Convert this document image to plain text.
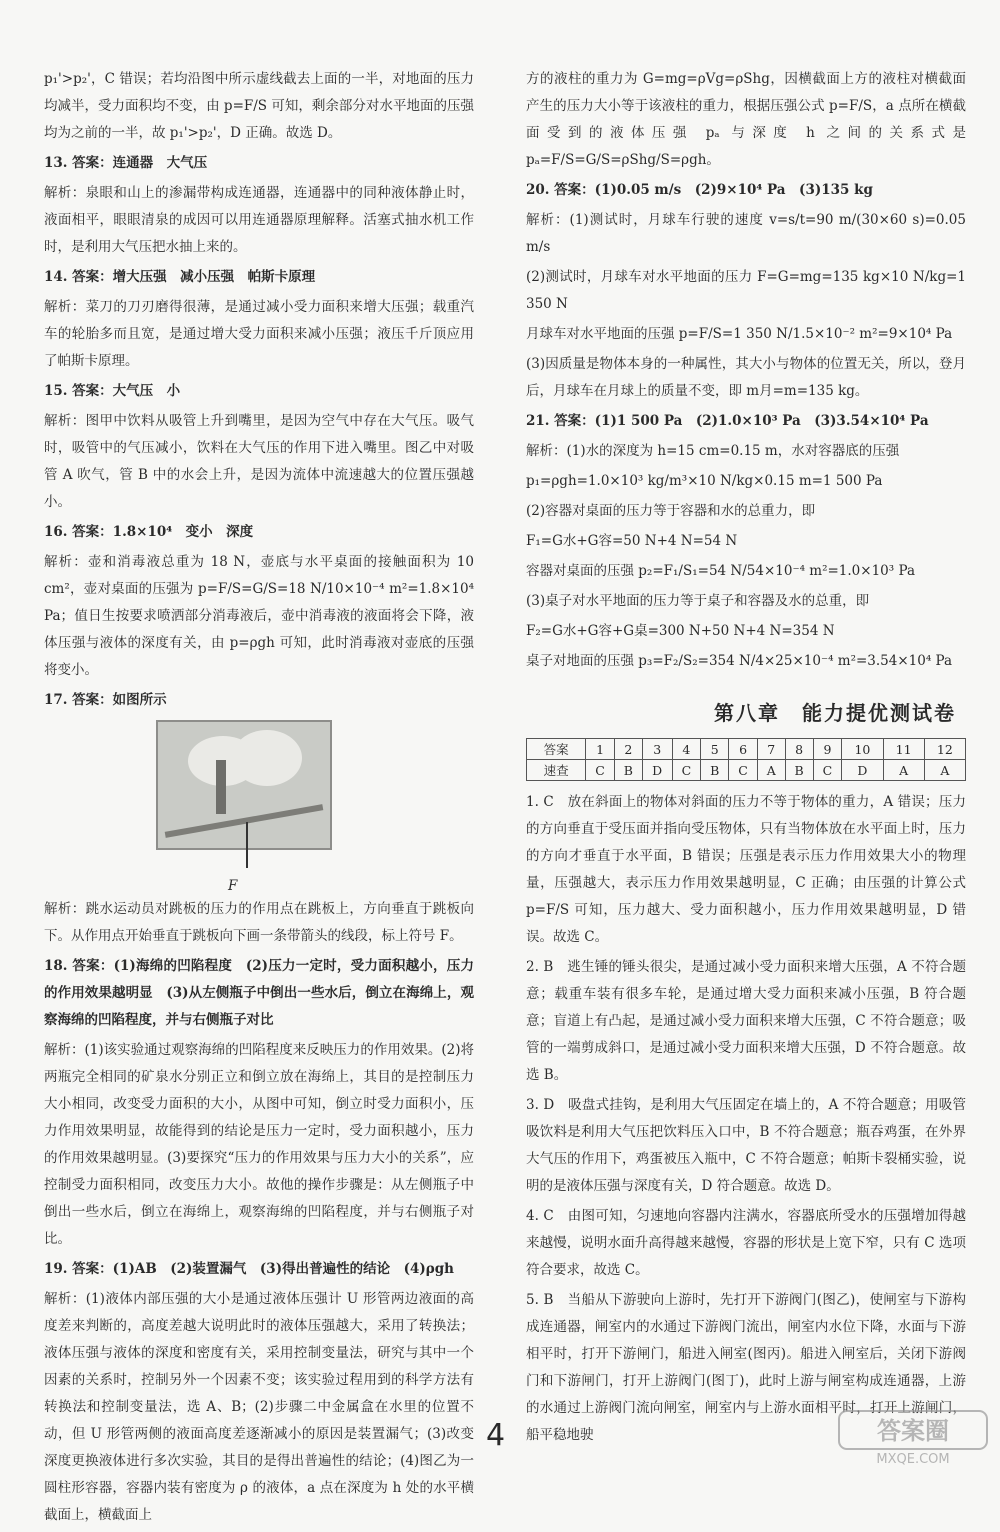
p₁'>p₂'，C 错误；若均沿图中所示虚线截去上面的一半，对地面的压力均减半，受力面积均不变，由 p=F/S 可知，剩余部分对水平地面的压强均为之前的一半，故 p₁'>p₂'，D 正确。故选 D。

13. 答案：连通器　大气压

解析：泉眼和山上的渗漏带构成连通器，连通器中的同种液体静止时，液面相平，眼眼清泉的成因可以用连通器原理解释。活塞式抽水机工作时，是利用大气压把水抽上来的。

14. 答案：增大压强　减小压强　帕斯卡原理

解析：菜刀的刀刃磨得很薄，是通过减小受力面积来增大压强；载重汽车的轮胎多而且宽，是通过增大受力面积来减小压强；液压千斤顶应用了帕斯卡原理。

15. 答案：大气压　小

解析：图甲中饮料从吸管上升到嘴里，是因为空气中存在大气压。吸气时，吸管中的气压减小，饮料在大气压的作用下进入嘴里。图乙中对吸管 A 吹气，管 B 中的水会上升，是因为流体中流速越大的位置压强越小。

16. 答案：1.8×10⁴　变小　深度

解析：壶和消毒液总重为 18 N，壶底与水平桌面的接触面积为 10 cm²，壶对桌面的压强为 p=F/S=G/S=18 N/10×10⁻⁴ m²=1.8×10⁴ Pa；值日生按要求喷洒部分消毒液后，壶中消毒液的液面将会下降，液体压强与液体的深度有关，由 p=ρgh 可知，此时消毒液对壶底的压强将变小。

17. 答案：如图所示

F

解析：跳水运动员对跳板的压力的作用点在跳板上，方向垂直于跳板向下。从作用点开始垂直于跳板向下画一条带箭头的线段，标上符号 F。

18. 答案：(1)海绵的凹陷程度　(2)压力一定时，受力面积越小，压力的作用效果越明显　(3)从左侧瓶子中倒出一些水后，倒立在海绵上，观察海绵的凹陷程度，并与右侧瓶子对比

解析：(1)该实验通过观察海绵的凹陷程度来反映压力的作用效果。(2)将两瓶完全相同的矿泉水分别正立和倒立放在海绵上，其目的是控制压力大小相同，改变受力面积的大小，从图中可知，倒立时受力面积小，压力作用效果明显，故能得到的结论是压力一定时，受力面积越小，压力的作用效果越明显。(3)要探究“压力的作用效果与压力大小的关系”，应控制受力面积相同，改变压力大小。故他的操作步骤是：从左侧瓶子中倒出一些水后，倒立在海绵上，观察海绵的凹陷程度，并与右侧瓶子对比。

19. 答案：(1)AB　(2)装置漏气　(3)得出普遍性的结论　(4)ρgh

解析：(1)液体内部压强的大小是通过液体压强计 U 形管两边液面的高度差来判断的，高度差越大说明此时的液体压强越大，采用了转换法；液体压强与液体的深度和密度有关，采用控制变量法，研究与其中一个因素的关系时，控制另外一个因素不变；该实验过程用到的科学方法有转换法和控制变量法，选 A、B；(2)步骤二中金属盒在水里的位置不动，但 U 形管两侧的液面高度差逐渐减小的原因是装置漏气；(3)改变深度更换液体进行多次实验，其目的是得出普遍性的结论；(4)图乙为一圆柱形容器，容器内装有密度为 ρ 的液体，a 点在深度为 h 处的水平横截面上，横截面上

方的液柱的重力为 G=mg=ρVg=ρShg，因横截面上方的液柱对横截面产生的压力大小等于该液柱的重力，根据压强公式 p=F/S，a 点所在横截面受到的液体压强 pₐ 与深度 h 之间的关系式是 pₐ=F/S=G/S=ρShg/S=ρgh。

20. 答案：(1)0.05 m/s　(2)9×10⁴ Pa　(3)135 kg

解析：(1)测试时，月球车行驶的速度 v=s/t=90 m/(30×60 s)=0.05 m/s

(2)测试时，月球车对水平地面的压力 F=G=mg=135 kg×10 N/kg=1 350 N

月球车对水平地面的压强 p=F/S=1 350 N/1.5×10⁻² m²=9×10⁴ Pa

(3)因质量是物体本身的一种属性，其大小与物体的位置无关，所以，登月后，月球车在月球上的质量不变，即 m月=m=135 kg。

21. 答案：(1)1 500 Pa　(2)1.0×10³ Pa　(3)3.54×10⁴ Pa

解析：(1)水的深度为 h=15 cm=0.15 m，水对容器底的压强

p₁=ρgh=1.0×10³ kg/m³×10 N/kg×0.15 m=1 500 Pa

(2)容器对桌面的压力等于容器和水的总重力，即

F₁=G水+G容=50 N+4 N=54 N

容器对桌面的压强 p₂=F₁/S₁=54 N/54×10⁻⁴ m²=1.0×10³ Pa

(3)桌子对水平地面的压力等于桌子和容器及水的总重，即

F₂=G水+G容+G桌=300 N+50 N+4 N=354 N

桌子对地面的压强 p₃=F₂/S₂=354 N/4×25×10⁻⁴ m²=3.54×10⁴ Pa

第八章　能力提优测试卷
答案	1	2	3	4	5	6	7	8	9	10	11	12
速查	C	B	D	C	B	C	A	B	C	D	A	A

1. C　放在斜面上的物体对斜面的压力不等于物体的重力，A 错误；压力的方向垂直于受压面并指向受压物体，只有当物体放在水平面上时，压力的方向才垂直于水平面，B 错误；压强是表示压力作用效果大小的物理量，压强越大，表示压力作用效果越明显，C 正确；由压强的计算公式 p=F/S 可知，压力越大、受力面积越小，压力作用效果越明显，D 错误。故选 C。

2. B　逃生锤的锤头很尖，是通过减小受力面积来增大压强，A 不符合题意；载重车装有很多车轮，是通过增大受力面积来减小压强，B 符合题意；盲道上有凸起，是通过减小受力面积来增大压强，C 不符合题意；吸管的一端剪成斜口，是通过减小受力面积来增大压强，D 不符合题意。故选 B。

3. D　吸盘式挂钩，是利用大气压固定在墙上的，A 不符合题意；用吸管吸饮料是利用大气压把饮料压入口中，B 不符合题意；瓶吞鸡蛋，在外界大气压的作用下，鸡蛋被压入瓶中，C 不符合题意；帕斯卡裂桶实验，说明的是液体压强与深度有关，D 符合题意。故选 D。

4. C　由图可知，匀速地向容器内注满水，容器底所受水的压强增加得越来越慢，说明水面升高得越来越慢，容器的形状是上宽下窄，只有 C 选项符合要求，故选 C。

5. B　当船从下游驶向上游时，先打开下游阀门(图乙)，使闸室与下游构成连通器，闸室内的水通过下游阀门流出，闸室内水位下降，水面与下游相平时，打开下游闸门，船进入闸室(图丙)。船进入闸室后，关闭下游阀门和下游闸门，打开上游阀门(图丁)，此时上游与闸室构成连通器，上游的水通过上游阀门流向闸室，闸室内与上游水面相平时，打开上游闸门，船平稳地驶

4	答案圈
MXQE.COM
